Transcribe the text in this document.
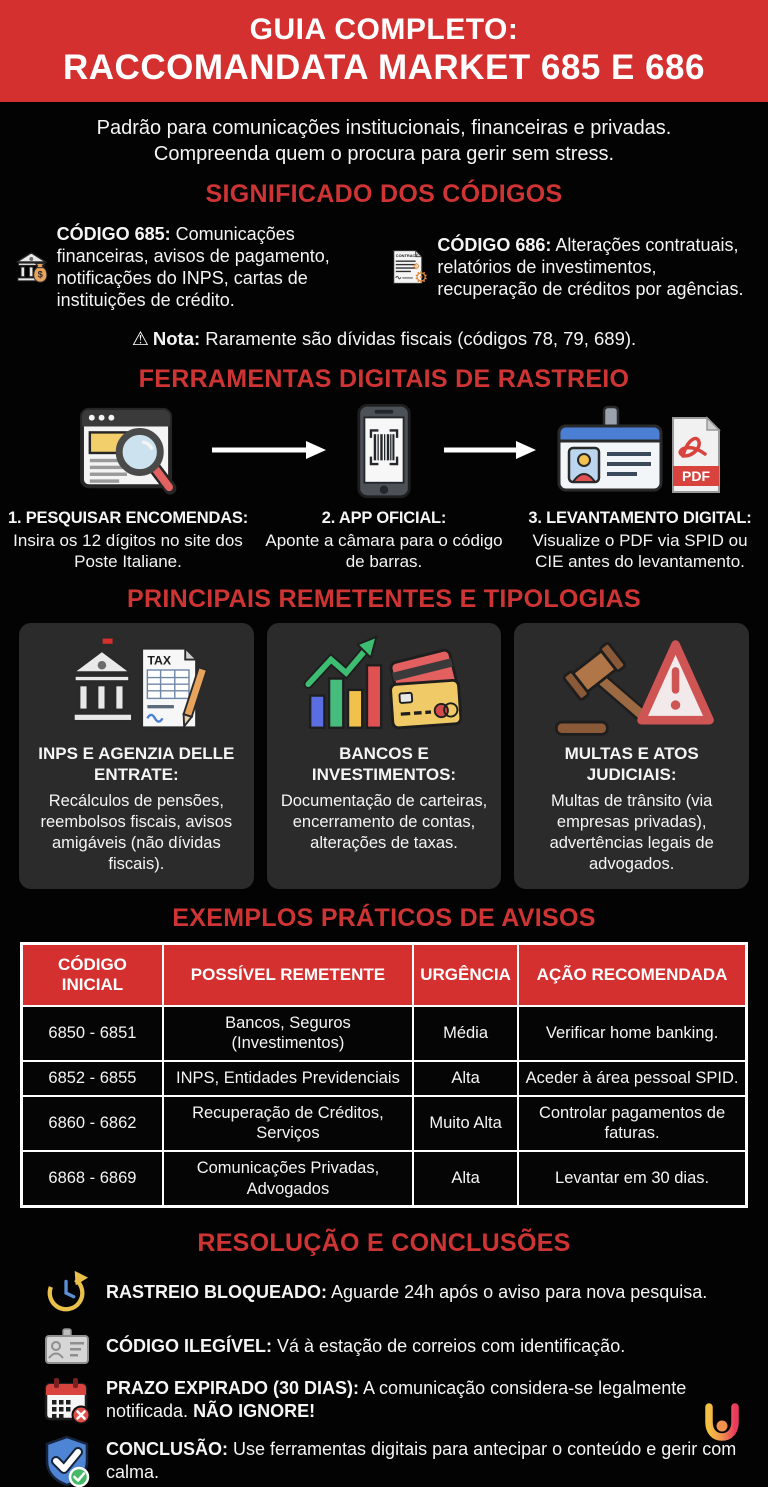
GUIA COMPLETO:
RACCOMANDATA MARKET 685 E 686
Padrão para comunicações institucionais, financeiras e privadas.
Compreenda quem o procura para gerir sem stress.
SIGNIFICADO DOS CÓDIGOS
$
CÓDIGO 685: Comunicações financeiras, avisos de pagamento, notificações do INPS, cartas de instituições de crédito.
CONTRACT
⚙
⚙
CÓDIGO 686: Alterações contratuais, relatórios de investimentos, recuperação de créditos por agências.
⚠ Nota: Raramente são dívidas fiscais (códigos 78, 79, 689).
FERRAMENTAS DIGITAIS DE RASTREIO
PDF
1. PESQUISAR ENCOMENDAS:
Insira os 12 dígitos no site dos Poste Italiane.
2. APP OFICIAL:
Aponte a câmara para o código de barras.
3. LEVANTAMENTO DIGITAL:
Visualize o PDF via SPID ou CIE antes do levantamento.
PRINCIPAIS REMETENTES E TIPOLOGIAS
TAX
INPS E AGENZIA DELLE ENTRATE:
Recálculos de pensões, reembolsos fiscais, avisos amigáveis (não dívidas fiscais).
BANCOS E INVESTIMENTOS:
Documentação de carteiras, encerramento de contas, alterações de taxas.
MULTAS E ATOS JUDICIAIS:
Multas de trânsito (via empresas privadas), advertências legais de advogados.
EXEMPLOS PRÁTICOS DE AVISOS
CÓDIGO INICIAL	POSSÍVEL REMETENTE	URGÊNCIA	AÇÃO RECOMENDADA
6850 - 6851	Bancos, Seguros (Investimentos)	Média	Verificar home banking.
6852 - 6855	INPS, Entidades Previdenciais	Alta	Aceder à área pessoal SPID.
6860 - 6862	Recuperação de Créditos, Serviços	Muito Alta	Controlar pagamentos de faturas.
6868 - 6869	Comunicações Privadas, Advogados	Alta	Levantar em 30 dias.
RESOLUÇÃO E CONCLUSÕES
RASTREIO BLOQUEADO: Aguarde 24h após o aviso para nova pesquisa.
CÓDIGO ILEGÍVEL: Vá à estação de correios com identificação.
PRAZO EXPIRADO (30 DIAS): A comunicação considera-se legalmente notificada. NÃO IGNORE!
CONCLUSÃO: Use ferramentas digitais para antecipar o conteúdo e gerir com calma.
